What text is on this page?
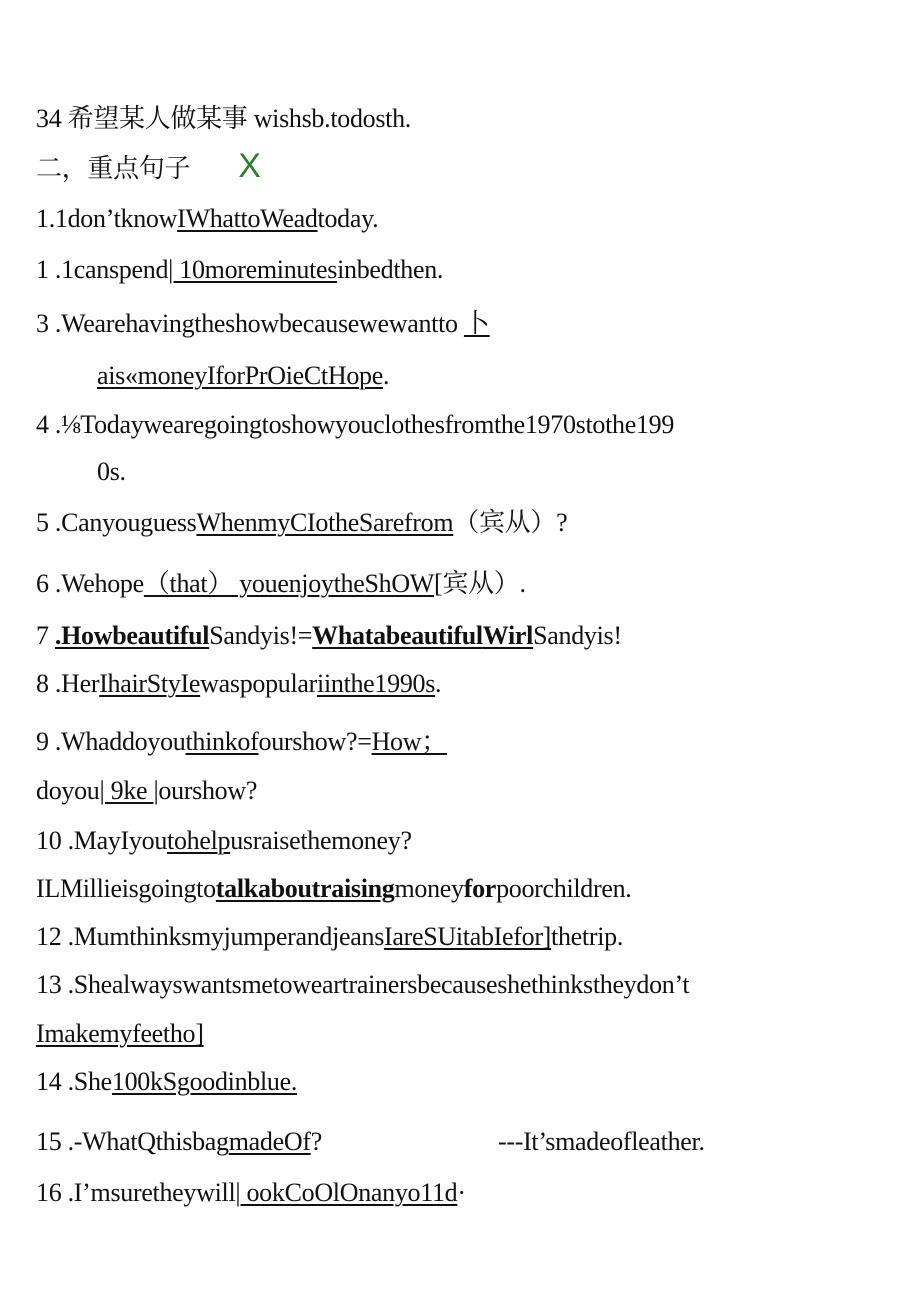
34 希望某人做某事 wishsb.todosth.
二，重点句子 X
1.1don’tknowIWhattoWeadtoday.
1 .1canspend| 10moreminutesinbedthen.
3 .Wearehavingtheshowbecausewewantto 卜
ais«moneyIforPrOieCtHope.
4 .⅛Todaywearegoingtoshowyouclothesfromthe1970stothe199
0s.
5 .CanyouguessWhenmyCIotheSarefrom（宾从）?
6 .Wehope（that） youenjoytheShOW[宾从）.
7 .HowbeautifulSandyis!=WhatabeautifulWirlSandyis!
8 .HerIhairStyIewaspopulariinthe1990s.
9 .Whaddoyouthinkofourshow?=How；
doyou| 9ke |ourshow?
10 .MayIyoutohelpusraisethemoney?
ILMillieisgoingtotalkaboutraisingmoneyforpoorchildren.
12 .MumthinksmyjumperandjeansIareSUitabIefor]thetrip.
13 .Shealwayswantsmetoweartrainersbecauseshethinkstheydon’t
Imakemyfeetho]
14 .She100kSgoodinblue.
15 .-WhatQthisbagmadeOf?	---It’smadeofleather.
16 .I’msuretheywill| ookCoOlOnanyo11d·
